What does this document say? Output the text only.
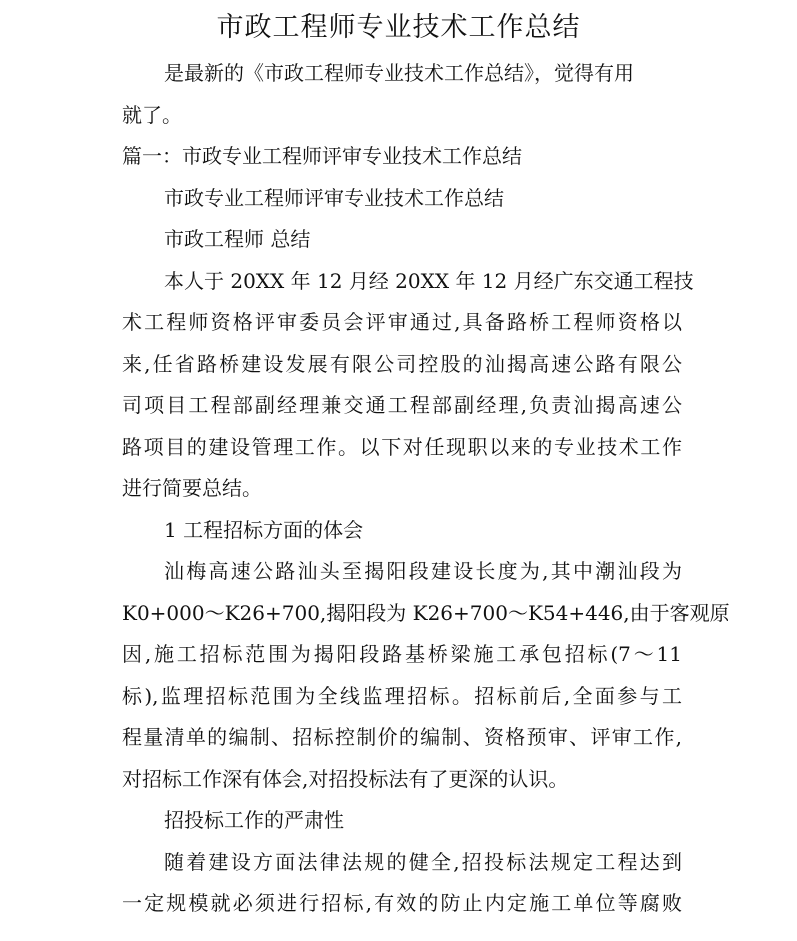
市政工程师专业技术工作总结
是最新的《市政工程师专业技术工作总结》，觉得有用
就了。
篇一：市政专业工程师评审专业技术工作总结
市政专业工程师评审专业技术工作总结
市政工程师 总结
本人于 20XX 年 12 月经 20XX 年 12 月经广东交通工程技
术工程师资格评审委员会评审通过,具备路桥工程师资格以
来,任省路桥建设发展有限公司控股的汕揭高速公路有限公
司项目工程部副经理兼交通工程部副经理,负责汕揭高速公
路项目的建设管理工作。以下对任现职以来的专业技术工作
进行简要总结。
1 工程招标方面的体会
汕梅高速公路汕头至揭阳段建设长度为,其中潮汕段为
K0+000～K26+700,揭阳段为 K26+700～K54+446,由于客观原
因,施工招标范围为揭阳段路基桥梁施工承包招标(7～11
标),监理招标范围为全线监理招标。招标前后,全面参与工
程量清单的编制、招标控制价的编制、资格预审、评审工作,
对招标工作深有体会,对招投标法有了更深的认识。
招投标工作的严肃性
随着建设方面法律法规的健全,招投标法规定工程达到
一定规模就必须进行招标,有效的防止内定施工单位等腐败
